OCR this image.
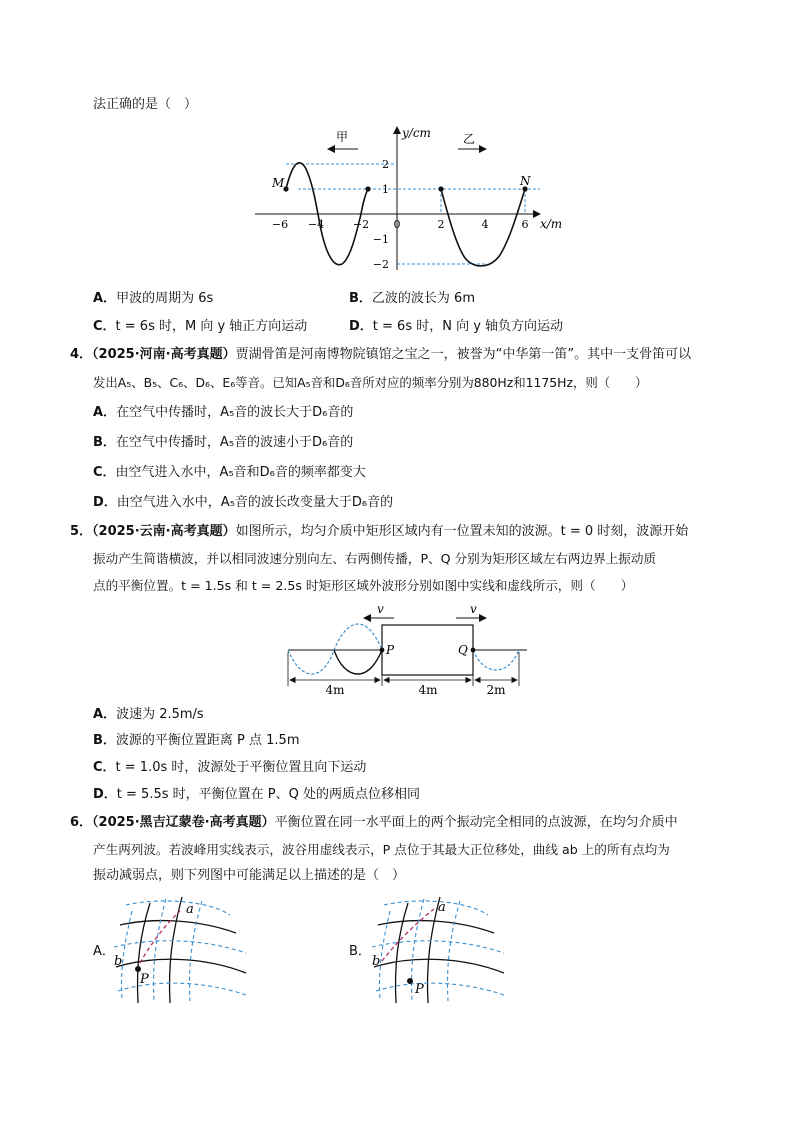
法正确的是（　）
y/cm
x/m
2
1
−1
−2
−6 −4	−2 0	2	4	6
M	N
甲	乙
A．甲波的周期为 6s	B．乙波的波长为 6m
C．t = 6s 时，M 向 y 轴正方向运动	D．t = 6s 时，N 向 y 轴负方向运动
4．（2025·河南·高考真题）贾湖骨笛是河南博物院镇馆之宝之一，被誉为“中华第一笛”。其中一支骨笛可以
发出A₅、B₅、C₆、D₆、E₆等音。已知A₅音和D₆音所对应的频率分别为880Hz和1175Hz，则（　　）
A．在空气中传播时，A₅音的波长大于D₆音的
B．在空气中传播时，A₅音的波速小于D₆音的
C．由空气进入水中，A₅音和D₆音的频率都变大
D．由空气进入水中，A₅音的波长改变量大于D₆音的
5．（2025·云南·高考真题）如图所示，均匀介质中矩形区域内有一位置未知的波源。t = 0 时刻，波源开始
振动产生简谐横波，并以相同波速分别向左、右两侧传播，P、Q 分别为矩形区域左右两边界上振动质
点的平衡位置。t = 1.5s 和 t = 2.5s 时矩形区域外波形分别如图中实线和虚线所示，则（　　）
v	v
P	Q
4m	4m	2m
A．波速为 2.5m/s
B．波源的平衡位置距离 P 点 1.5m
C．t = 1.0s 时，波源处于平衡位置且向下运动
D．t = 5.5s 时，平衡位置在 P、Q 处的两质点位移相同
6．（2025·黑吉辽蒙卷·高考真题）平衡位置在同一水平面上的两个振动完全相同的点波源，在均匀介质中
产生两列波。若波峰用实线表示，波谷用虚线表示，P 点位于其最大正位移处，曲线 ab 上的所有点均为
振动减弱点，则下列图中可能满足以上描述的是（　）
A．
a
b
P
B．
a
b
P
